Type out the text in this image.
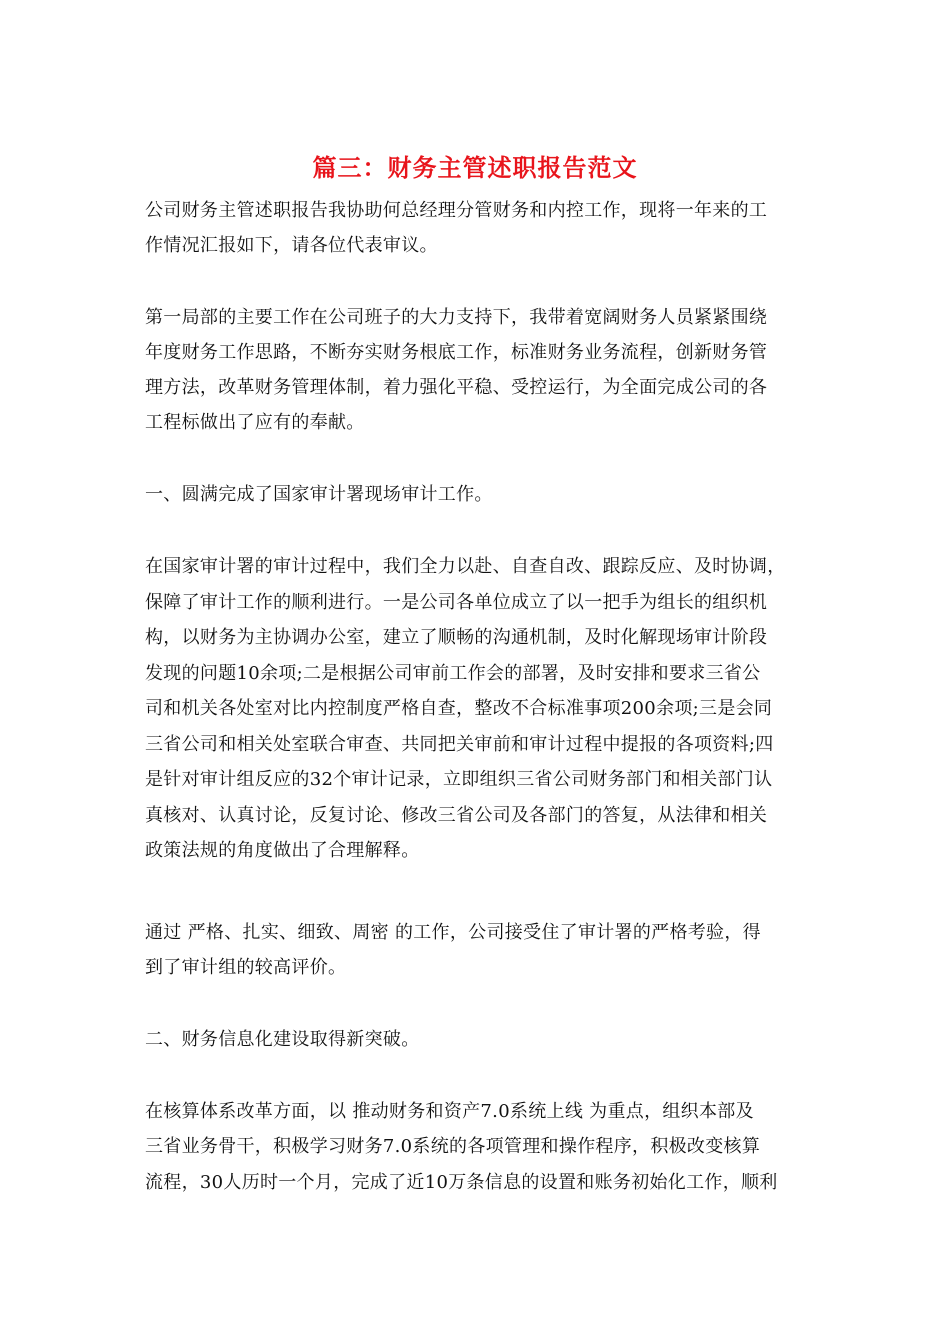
篇三：财务主管述职报告范文
公司财务主管述职报告我协助何总经理分管财务和内控工作，现将一年来的工
作情况汇报如下，请各位代表审议。
第一局部的主要工作在公司班子的大力支持下，我带着宽阔财务人员紧紧围绕
年度财务工作思路，不断夯实财务根底工作，标准财务业务流程，创新财务管
理方法，改革财务管理体制，着力强化平稳、受控运行，为全面完成公司的各
工程标做出了应有的奉献。
一、圆满完成了国家审计署现场审计工作。
在国家审计署的审计过程中，我们全力以赴、自查自改、跟踪反应、及时协调，
保障了审计工作的顺利进行。一是公司各单位成立了以一把手为组长的组织机
构，以财务为主协调办公室，建立了顺畅的沟通机制，及时化解现场审计阶段
发现的问题10余项;二是根据公司审前工作会的部署，及时安排和要求三省公
司和机关各处室对比内控制度严格自查，整改不合标准事项200余项;三是会同
三省公司和相关处室联合审查、共同把关审前和审计过程中提报的各项资料;四
是针对审计组反应的32个审计记录，立即组织三省公司财务部门和相关部门认
真核对、认真讨论，反复讨论、修改三省公司及各部门的答复，从法律和相关
政策法规的角度做出了合理解释。
通过 严格、扎实、细致、周密 的工作，公司接受住了审计署的严格考验，得
到了审计组的较高评价。
二、财务信息化建设取得新突破。
在核算体系改革方面，以 推动财务和资产7.0系统上线 为重点，组织本部及
三省业务骨干，积极学习财务7.0系统的各项管理和操作程序，积极改变核算
流程，30人历时一个月，完成了近10万条信息的设置和账务初始化工作，顺利
